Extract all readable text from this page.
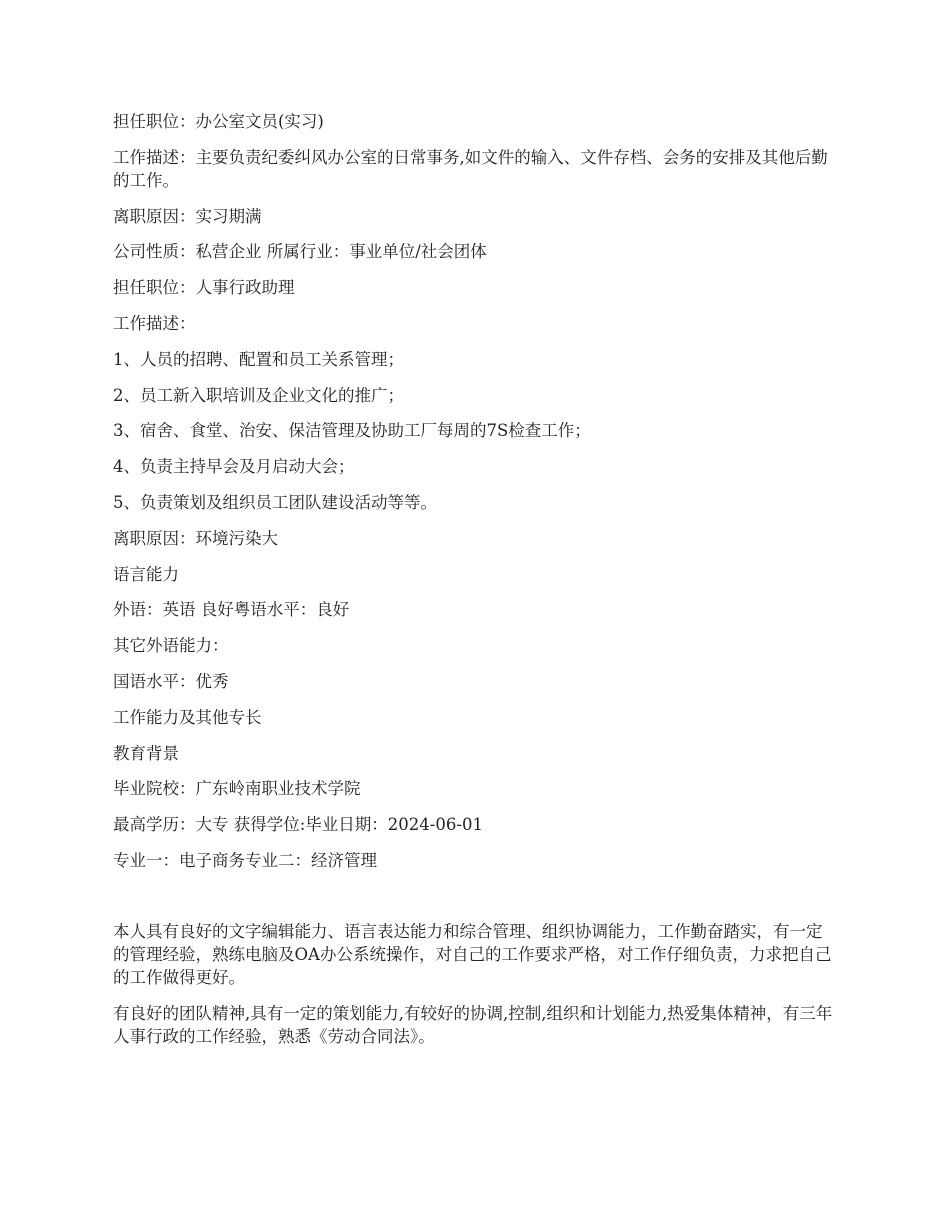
担任职位：办公室文员(实习)
工作描述：主要负责纪委纠风办公室的日常事务,如文件的输入、文件存档、会务的安排及其他后勤的工作。
离职原因：实习期满
公司性质：私营企业 所属行业：事业单位/社会团体
担任职位：人事行政助理
工作描述：
1、人员的招聘、配置和员工关系管理；
2、员工新入职培训及企业文化的推广；
3、宿舍、食堂、治安、保洁管理及协助工厂每周的7S检查工作；
4、负责主持早会及月启动大会；
5、负责策划及组织员工团队建设活动等等。
离职原因：环境污染大
语言能力
外语：英语 良好粤语水平：良好
其它外语能力：
国语水平：优秀
工作能力及其他专长
教育背景
毕业院校：广东岭南职业技术学院
最高学历：大专 获得学位:毕业日期：2024-06-01
专业一：电子商务专业二：经济管理
本人具有良好的文字编辑能力、语言表达能力和综合管理、组织协调能力，工作勤奋踏实，有一定的管理经验，熟练电脑及OA办公系统操作，对自己的工作要求严格，对工作仔细负责，力求把自己的工作做得更好。
有良好的团队精神,具有一定的策划能力,有较好的协调,控制,组织和计划能力,热爱集体精神，有三年人事行政的工作经验，熟悉《劳动合同法》。
